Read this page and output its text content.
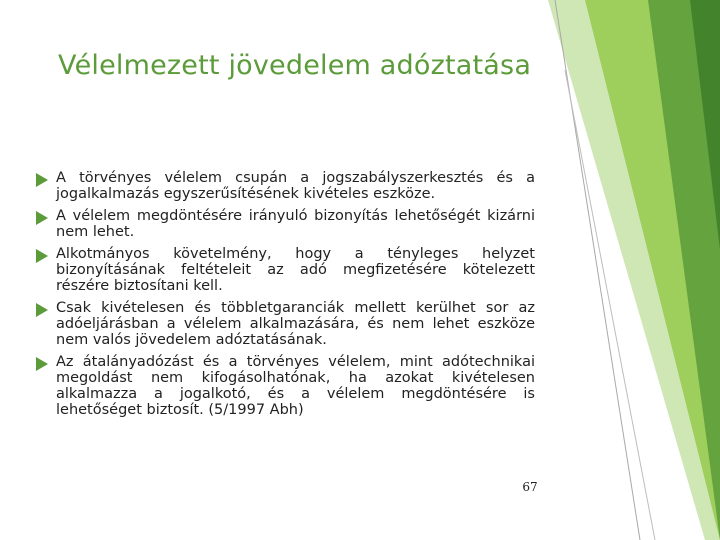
Vélelmezett jövedelem adóztatása
A törvényes vélelem csupán a jogszabályszerkesztés és a jogalkalmazás egyszerűsítésének kivételes eszköze.
A vélelem megdöntésére irányuló bizonyítás lehetőségét kizárni nem lehet.
Alkotmányos követelmény, hogy a tényleges helyzet bizonyításának feltételeit az adó megfizetésére kötelezett részére biztosítani kell.
Csak kivételesen és többletgaranciák mellett kerülhet sor az adóeljárásban a vélelem alkalmazására, és nem lehet eszköze nem valós jövedelem adóztatásának.
Az átalányadózást és a törvényes vélelem, mint adótechnikai megoldást nem kifogásolhatónak, ha azokat kivételesen alkalmazza a jogalkotó, és a vélelem megdöntésére is lehetőséget biztosít. (5/1997 Abh)
67
